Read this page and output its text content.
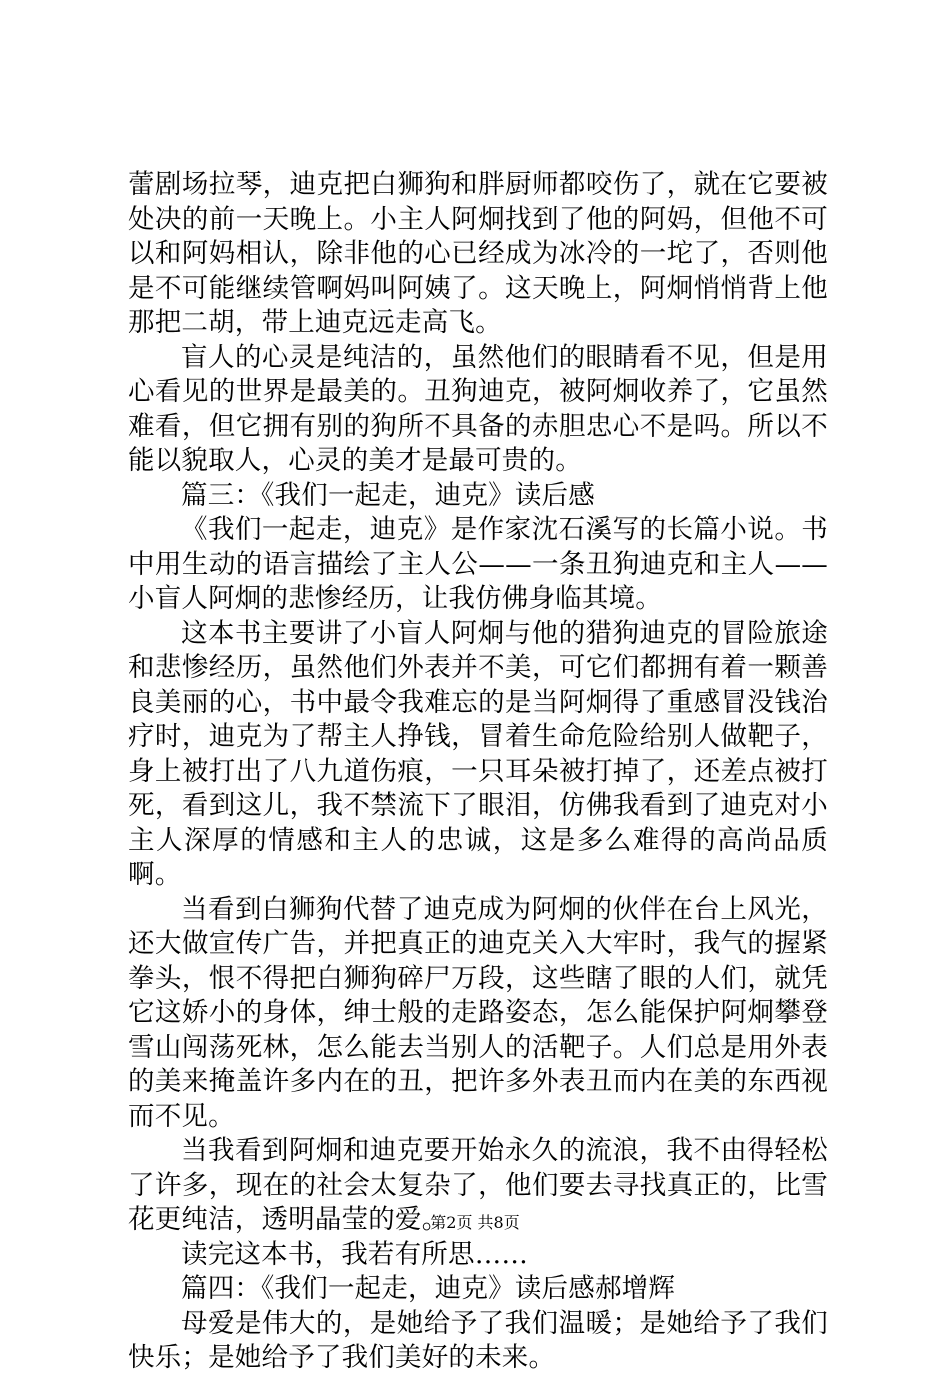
蕾剧场拉琴，迪克把白狮狗和胖厨师都咬伤了，就在它要被处决的前一天晚上。小主人阿炯找到了他的阿妈，但他不可以和阿妈相认，除非他的心已经成为冰冷的一坨了，否则他是不可能继续管啊妈叫阿姨了。这天晚上，阿炯悄悄背上他那把二胡，带上迪克远走高飞。

盲人的心灵是纯洁的，虽然他们的眼睛看不见，但是用心看见的世界是最美的。丑狗迪克，被阿炯收养了，它虽然难看，但它拥有别的狗所不具备的赤胆忠心不是吗。所以不能以貌取人，心灵的美才是最可贵的。

篇三：《我们一起走，迪克》读后感

《我们一起走，迪克》是作家沈石溪写的长篇小说。书中用生动的语言描绘了主人公——一条丑狗迪克和主人——小盲人阿炯的悲惨经历，让我仿佛身临其境。

这本书主要讲了小盲人阿炯与他的猎狗迪克的冒险旅途和悲惨经历，虽然他们外表并不美，可它们都拥有着一颗善良美丽的心，书中最令我难忘的是当阿炯得了重感冒没钱治疗时，迪克为了帮主人挣钱，冒着生命危险给别人做靶子，身上被打出了八九道伤痕，一只耳朵被打掉了，还差点被打死，看到这儿，我不禁流下了眼泪，仿佛我看到了迪克对小主人深厚的情感和主人的忠诚，这是多么难得的高尚品质啊。

当看到白狮狗代替了迪克成为阿炯的伙伴在台上风光，还大做宣传广告，并把真正的迪克关入大牢时，我气的握紧拳头，恨不得把白狮狗碎尸万段，这些瞎了眼的人们，就凭它这娇小的身体，绅士般的走路姿态，怎么能保护阿炯攀登雪山闯荡死林，怎么能去当别人的活靶子。人们总是用外表的美来掩盖许多内在的丑，把许多外表丑而内在美的东西视而不见。

当我看到阿炯和迪克要开始永久的流浪，我不由得轻松了许多，现在的社会太复杂了，他们要去寻找真正的，比雪花更纯洁，透明晶莹的爱。

读完这本书，我若有所思……

篇四：《我们一起走，迪克》读后感郝增辉

母爱是伟大的，是她给予了我们温暖；是她给予了我们快乐；是她给予了我们美好的未来。

第2页 共8页
